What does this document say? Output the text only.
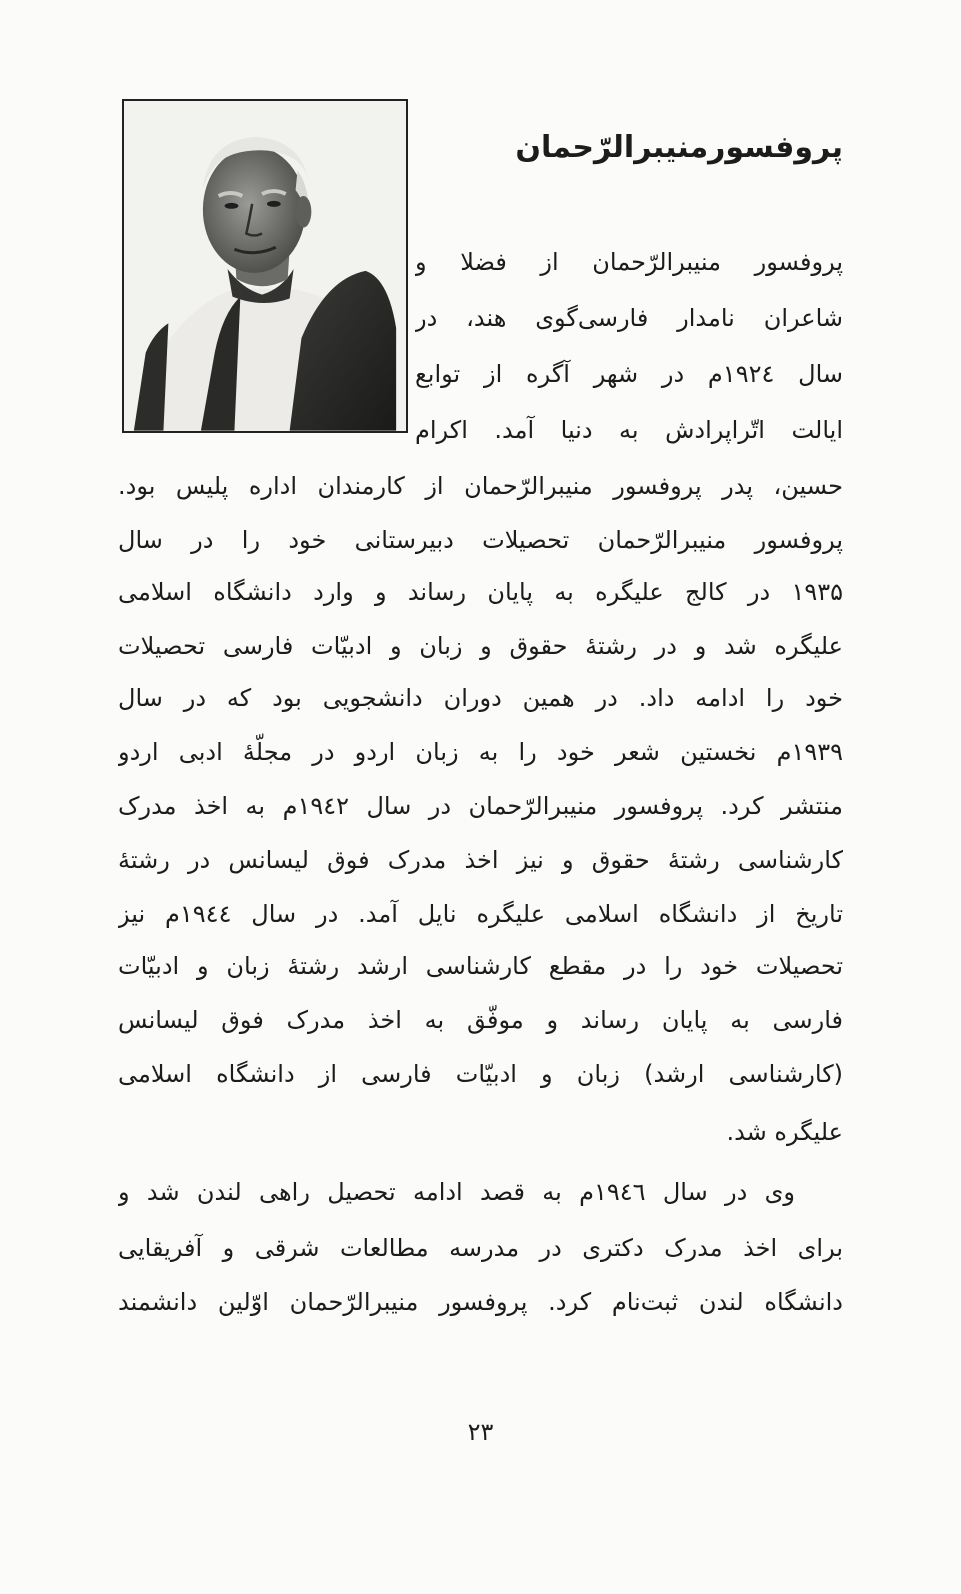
پروفسورمنیبرالرّحمان
پروفسور منیبرالرّحمان از فضلا و
شاعران نامدار فارسی‌گوی هند، در
سال ۱۹۲٤م در شهر آگره از توابع
ایالت اتّراپرادش به دنیا آمد. اکرام
حسین، پدر پروفسور منیبرالرّحمان از کارمندان اداره پلیس بود.
پروفسور منیبرالرّحمان تحصیلات دبیرستانی خود را در سال
۱۹۳۵ در کالج علیگره به پایان رساند و وارد دانشگاه اسلامی
علیگره شد و در رشتهٔ حقوق و زبان و ادبیّات فارسی تحصیلات
خود را ادامه داد. در همین دوران دانشجویی بود که در سال
۱۹۳۹م نخستین شعر خود را به زبان اردو در مجلّهٔ ادبی اردو
منتشر کرد. پروفسور منیبرالرّحمان در سال ۱۹٤۲م به اخذ مدرک
کارشناسی رشتهٔ حقوق و نیز اخذ مدرک فوق لیسانس در رشتهٔ
تاریخ از دانشگاه اسلامی علیگره نایل آمد. در سال ۱۹٤٤م نیز
تحصیلات خود را در مقطع کارشناسی ارشد رشتهٔ زبان و ادبیّات
فارسی به پایان رساند و موفّق به اخذ مدرک فوق لیسانس
(کارشناسی ارشد) زبان و ادبیّات فارسی از دانشگاه اسلامی
علیگره شد.
وی در سال ۱۹٤٦م به قصد ادامه تحصیل راهی لندن شد و
برای اخذ مدرک دکتری در مدرسه مطالعات شرقی و آفریقایی
دانشگاه لندن ثبت‌نام کرد. پروفسور منیبرالرّحمان اوّلین دانشمند
۲۳
